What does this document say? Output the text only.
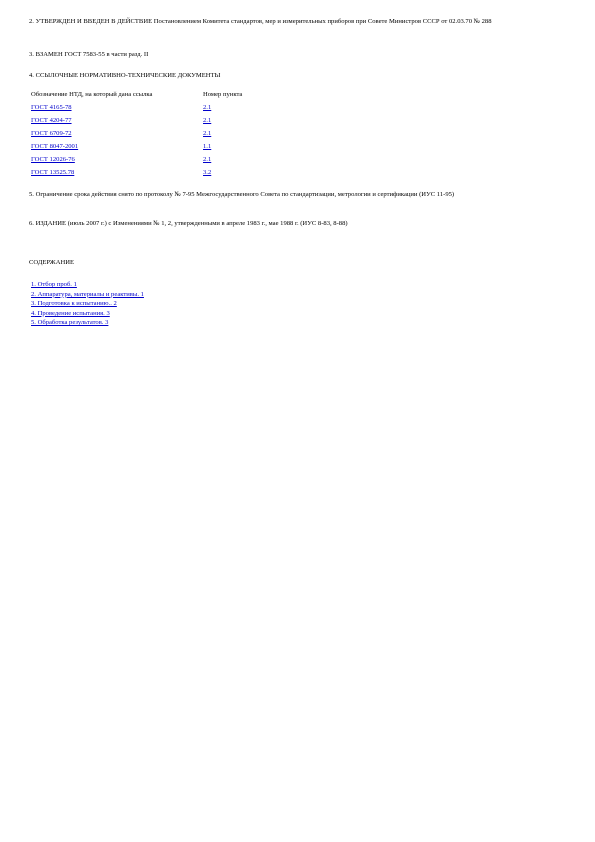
2. УТВЕРЖДЕН И ВВЕДЕН В ДЕЙСТВИЕ Постановлением Комитета стандартов, мер и измерительных приборов при Совете Министров СССР от 02.03.70 № 288

3. ВЗАМЕН ГОСТ 7583-55 в части разд. II

4. ССЫЛОЧНЫЕ НОРМАТИВНО-ТЕХНИЧЕСКИЕ ДОКУМЕНТЫ

Обозначение НТД, на который дана ссылка	Номер пункта
ГОСТ 4165-78	2.1
ГОСТ 4204-77	2.1
ГОСТ 6709-72	2.1
ГОСТ 8047-2001	1.1
ГОСТ 12026-76	2.1
ГОСТ 13525.78	3.2

5. Ограничение срока действия снято по протоколу № 7-95 Межгосударственного Совета по стандартизации, метрологии и сертификации (ИУС 11-95)

6. ИЗДАНИЕ (июль 2007 г.) с Изменениями № 1, 2, утвержденными в апреле 1983 г., мае 1988 г. (ИУС 8-83, 8-88)

СОДЕРЖАНИЕ

1. Отбор проб. 1
2. Аппаратура, материалы и реактивы. 1
3. Подготовка к испытанию.. 2
4. Проведение испытания. 3
5. Обработка результатов. 3
